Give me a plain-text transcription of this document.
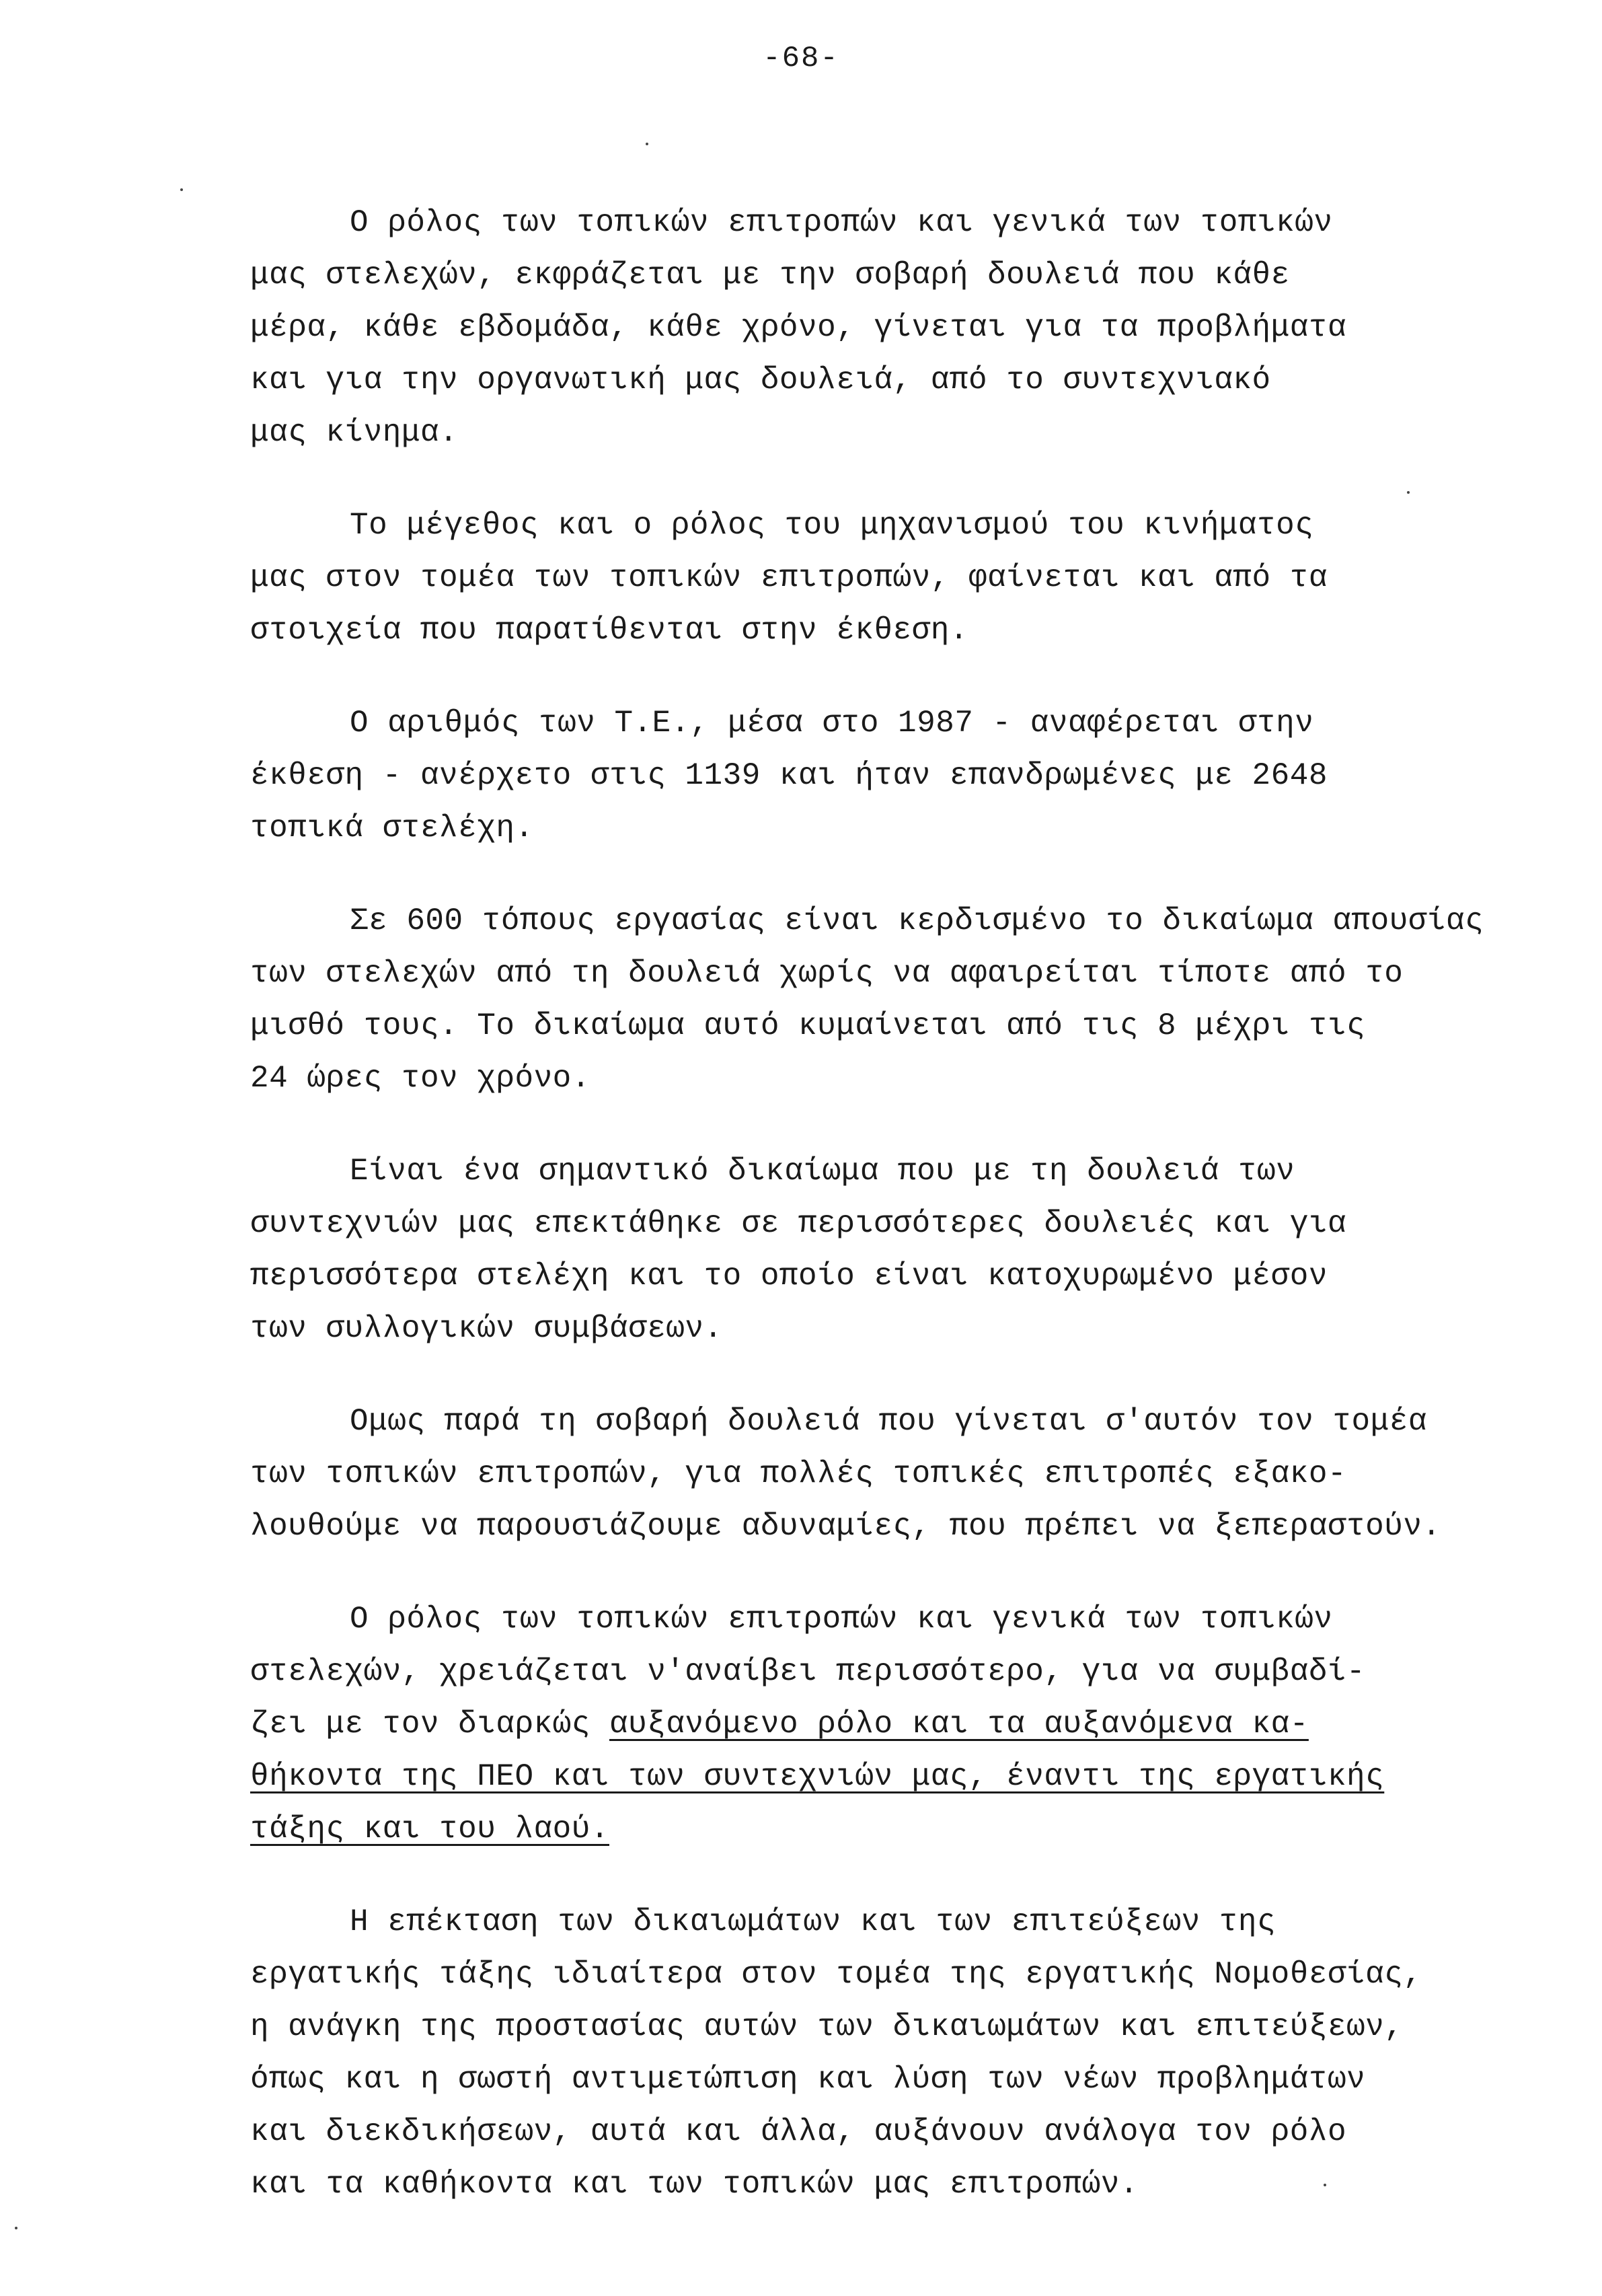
-68-

Ο ρόλος των τοπικών επιτροπών και γενικά των τοπικών
μας στελεχών, εκφράζεται με την σοβαρή δουλειά που κάθε
μέρα, κάθε εβδομάδα, κάθε χρόνο, γίνεται για τα προβλήματα
και για την οργανωτική μας δουλειά, από το συντεχνιακό
μας κίνημα.

Το μέγεθος και ο ρόλος του μηχανισμού του κινήματος
μας στον τομέα των τοπικών επιτροπών, φαίνεται και από τα
στοιχεία που παρατίθενται στην έκθεση.

Ο αριθμός των Τ.Ε., μέσα στο 1987 - αναφέρεται στην
έκθεση - ανέρχετο στις 1139 και ήταν επανδρωμένες με 2648
τοπικά στελέχη.

Σε 600 τόπους εργασίας είναι κερδισμένο το δικαίωμα απουσίας
των στελεχών από τη δουλειά χωρίς να αφαιρείται τίποτε από το
μισθό τους. Το δικαίωμα αυτό κυμαίνεται από τις 8 μέχρι τις
24 ώρες τον χρόνο.

Είναι ένα σημαντικό δικαίωμα που με τη δουλειά των
συντεχνιών μας επεκτάθηκε σε περισσότερες δουλειές και για
περισσότερα στελέχη και το οποίο είναι κατοχυρωμένο μέσον
των συλλογικών συμβάσεων.

Ομως παρά τη σοβαρή δουλειά που γίνεται σ'αυτόν τον τομέα
των τοπικών επιτροπών, για πολλές τοπικές επιτροπές εξακο-
λουθούμε να παρουσιάζουμε αδυναμίες, που πρέπει να ξεπεραστούν.

Ο ρόλος των τοπικών επιτροπών και γενικά των τοπικών
στελεχών, χρειάζεται ν'αναίβει περισσότερο, για να συμβαδί-
ζει με τον διαρκώς αυξανόμενο ρόλο και τα αυξανόμενα κα-
θήκοντα της ΠΕΟ και των συντεχνιών μας, έναντι της εργατικής
τάξης και του λαού.

Η επέκταση των δικαιωμάτων και των επιτεύξεων της
εργατικής τάξης ιδιαίτερα στον τομέα της εργατικής Νομοθεσίας,
η ανάγκη της προστασίας αυτών των δικαιωμάτων και επιτεύξεων,
όπως και η σωστή αντιμετώπιση και λύση των νέων προβλημάτων
και διεκδικήσεων, αυτά και άλλα, αυξάνουν ανάλογα τον ρόλο
και τα καθήκοντα και των τοπικών μας επιτροπών.
